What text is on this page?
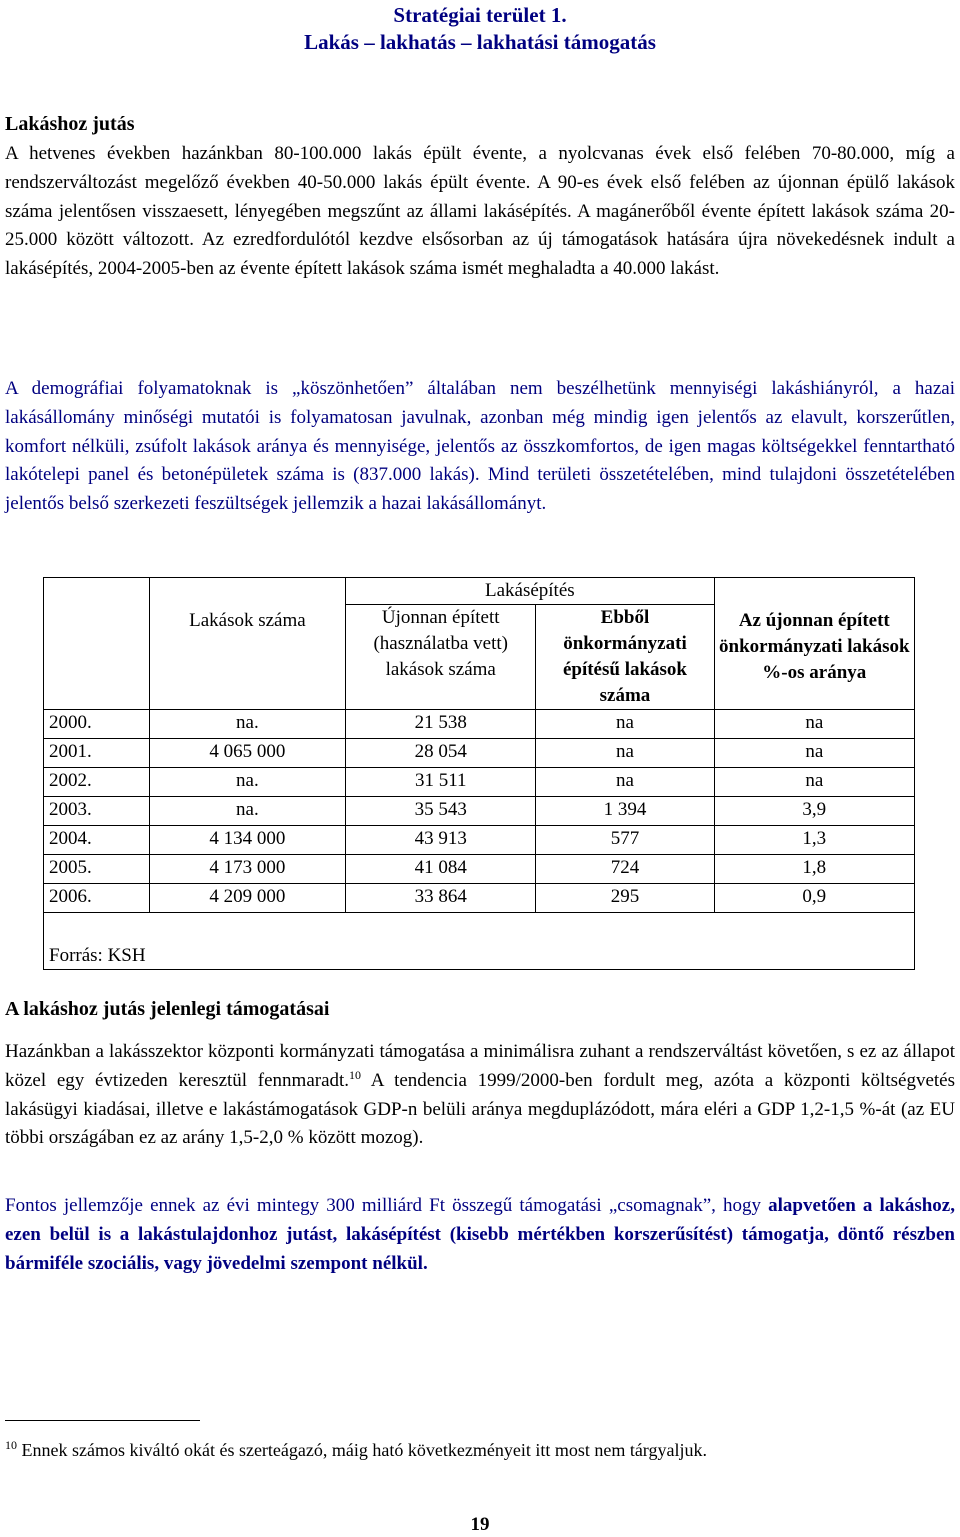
Stratégiai terület 1.
Lakás – lakhatás – lakhatási támogatás
Lakáshoz jutás

A hetvenes években hazánkban 80-100.000 lakás épült évente, a nyolcvanas évek első felében 70-80.000, míg a rendszerváltozást megelőző években 40-50.000 lakás épült évente. A 90-es évek első felében az újonnan épülő lakások száma jelentősen visszaesett, lényegében megszűnt az állami lakásépítés. A magánerőből évente épített lakások száma 20-25.000 között változott. Az ezredfordulótól kezdve elsősorban az új támogatások hatására újra növekedésnek indult a lakásépítés, 2004-2005-ben az évente épített lakások száma ismét meghaladta a 40.000 lakást.

A demográfiai folyamatoknak is „köszönhetően” általában nem beszélhetünk mennyiségi lakáshiányról, a hazai lakásállomány minőségi mutatói is folyamatosan javulnak, azonban még mindig igen jelentős az elavult, korszerűtlen, komfort nélküli, zsúfolt lakások aránya és mennyisége, jelentős az összkomfortos, de igen magas költségekkel fenntartható lakótelepi panel és betonépületek száma is (837.000 lakás). Mind területi összetételében, mind tulajdoni összetételében jelentős belső szerkezeti feszültségek jellemzik a hazai lakásállományt.

	Lakások száma	Lakásépítés		Az újonnan épített önkormányzati lakások %-os aránya
		Újonnan épített (használatba vett) lakások száma	Ebből önkormányzati építésű lakások száma	
2000.	na.	21 538	na	na
2001.	4 065 000	28 054	na	na
2002.	na.	31 511	na	na
2003.	na.	35 543	1 394	3,9
2004.	4 134 000	43 913	577	1,3
2005.	4 173 000	41 084	724	1,8
2006.	4 209 000	33 864	295	0,9
Forrás: KSH				
A lakáshoz jutás jelenlegi támogatásai

Hazánkban a lakásszektor központi kormányzati támogatása a minimálisra zuhant a rendszerváltást követően, s ez az állapot közel egy évtizeden keresztül fennmaradt.$^{10}$ A tendencia 1999/2000-ben fordult meg, azóta a központi költségvetés lakásügyi kiadásai, illetve e lakástámogatások GDP-n belüli aránya megduplázódott, mára eléri a GDP 1,2-1,5 %-át (az EU többi országában ez az arány 1,5-2,0 % között mozog).

Fontos jellemzője ennek az évi mintegy 300 milliárd Ft összegű támogatási „csomagnak”, hogy alapvetően a lakáshoz, ezen belül is a lakástulajdonhoz jutást, lakásépítést (kisebb mértékben korszerűsítést) támogatja, döntő részben bármiféle szociális, vagy jövedelmi szempont nélkül.

$^{10}$ Ennek számos kiváltó okát és szerteágazó, máig ható következményeit itt most nem tárgyaljuk.

19
